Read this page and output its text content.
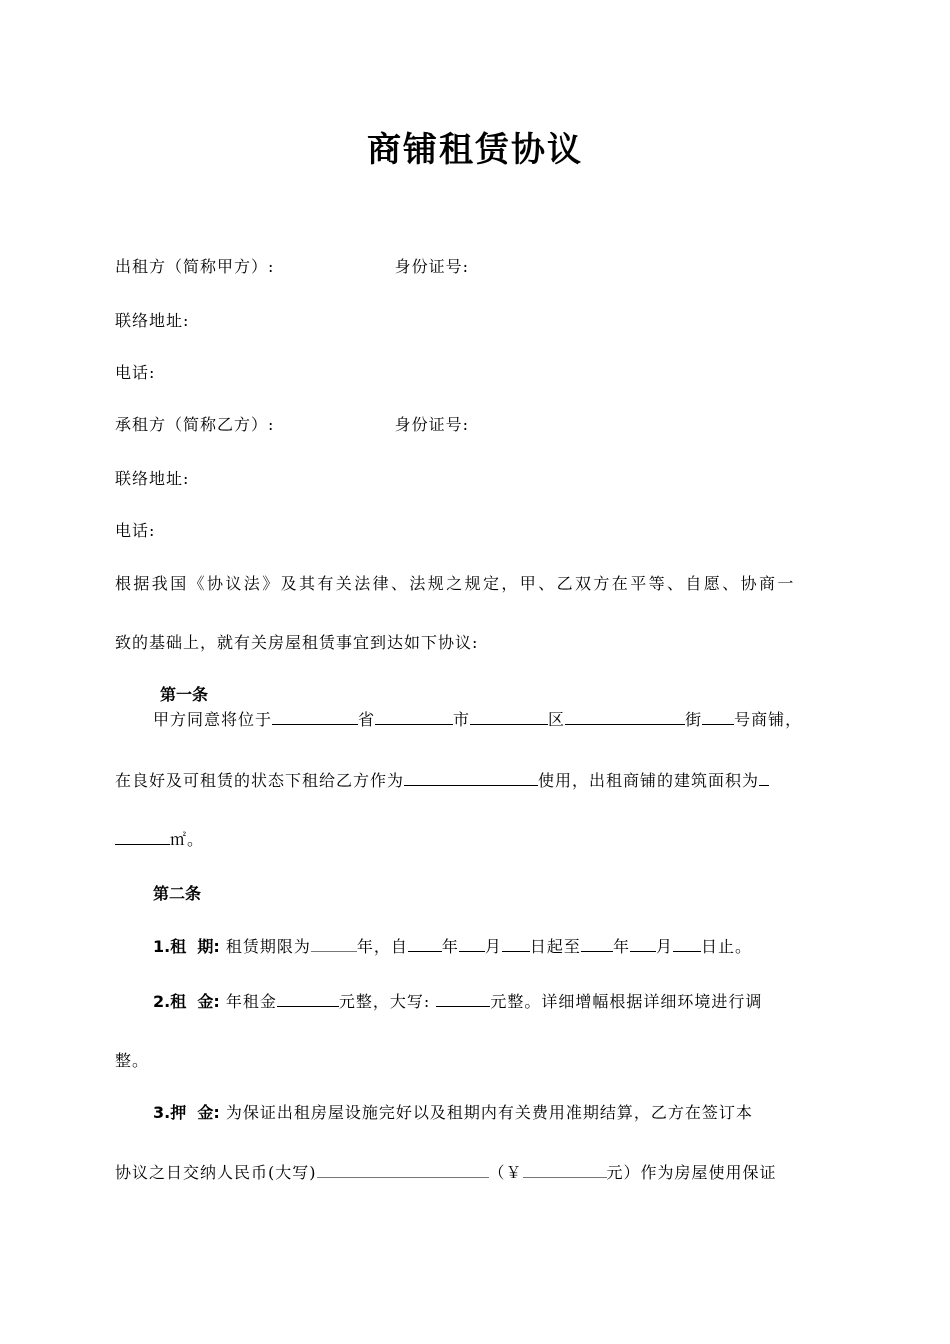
商铺租赁协议
出租方（简称甲方）:	身份证号:
联络地址:
电话:
承租方（简称乙方）:	身份证号:
联络地址:
电话:
根据我国《协议法》及其有关法律、法规之规定，甲、乙双方在平等、自愿、协商一
致的基础上，就有关房屋租赁事宜到达如下协议:
第一条
甲方同意将位于	省	市	区	街 号商铺，
在良好及可租赁的状态下租给乙方作为	使用，出租商铺的建筑面积为
㎡。
第二条
1.租  期: 租赁期限为	年，自 年 月 日起至 年 月 日止。
2.租  金: 年租金	元整，大写:	元整。详细增幅根据详细环境进行调
整。
3.押  金: 为保证出租房屋设施完好以及租期内有关费用准期结算，乙方在签订本
协议之日交纳人民币(大写)	（￥	元）作为房屋使用保证
